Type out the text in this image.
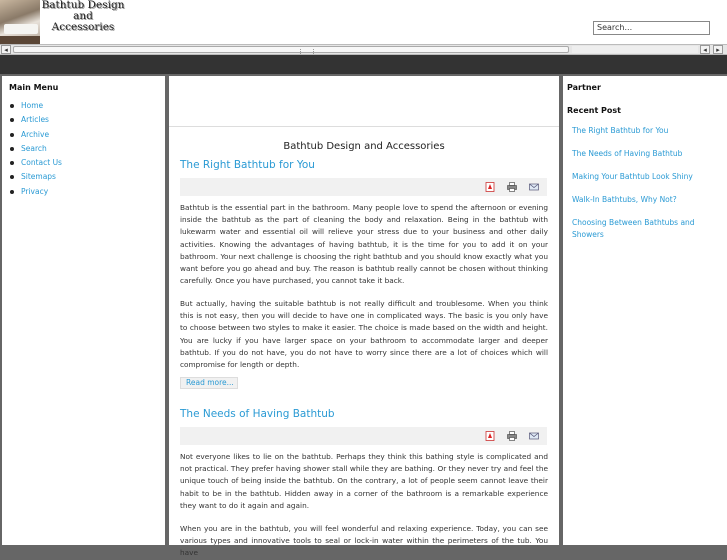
Bathtub Design
and
Accessories	Search...
◂	◂	▸
Main Menu
Home
Articles
Archive
Search
Contact Us
Sitemaps
Privacy
Bathtub Design and Accessories
The Right Bathtub for You
Bathtub is the essential part in the bathroom. Many people love to spend the afternoon or evening inside the bathtub as the part of cleaning the body and relaxation. Being in the bathtub with lukewarm water and essential oil will relieve your stress due to your business and other daily activities. Knowing the advantages of having bathtub, it is the time for you to add it on your bathroom. Your next challenge is choosing the right bathtub and you should know exactly what you want before you go ahead and buy. The reason is bathtub really cannot be chosen without thinking carefully. Once you have purchased, you cannot take it back.
But actually, having the suitable bathtub is not really difficult and troublesome. When you think this is not easy, then you will decide to have one in complicated ways. The basic is you only have to choose between two styles to make it easier. The choice is made based on the width and height. You are lucky if you have larger space on your bathroom to accommodate larger and deeper bathtub. If you do not have, you do not have to worry since there are a lot of choices which will compromise for length or depth.
Read more...
The Needs of Having Bathtub
Not everyone likes to lie on the bathtub. Perhaps they think this bathing style is complicated and not practical. They prefer having shower stall while they are bathing. Or they never try and feel the unique touch of being inside the bathtub. On the contrary, a lot of people seem cannot leave their habit to be in the bathtub. Hidden away in a corner of the bathroom is a remarkable experience they want to do it again and again.
When you are in the bathtub, you will feel wonderful and relaxing experience. Today, you can see various types and innovative tools to seal or lock-in water within the perimeters of the tub. You have
Partner
Recent Post
The Right Bathtub for You
The Needs of Having Bathtub
Making Your Bathtub Look Shiny
Walk-In Bathtubs, Why Not?
Choosing Between Bathtubs and Showers
